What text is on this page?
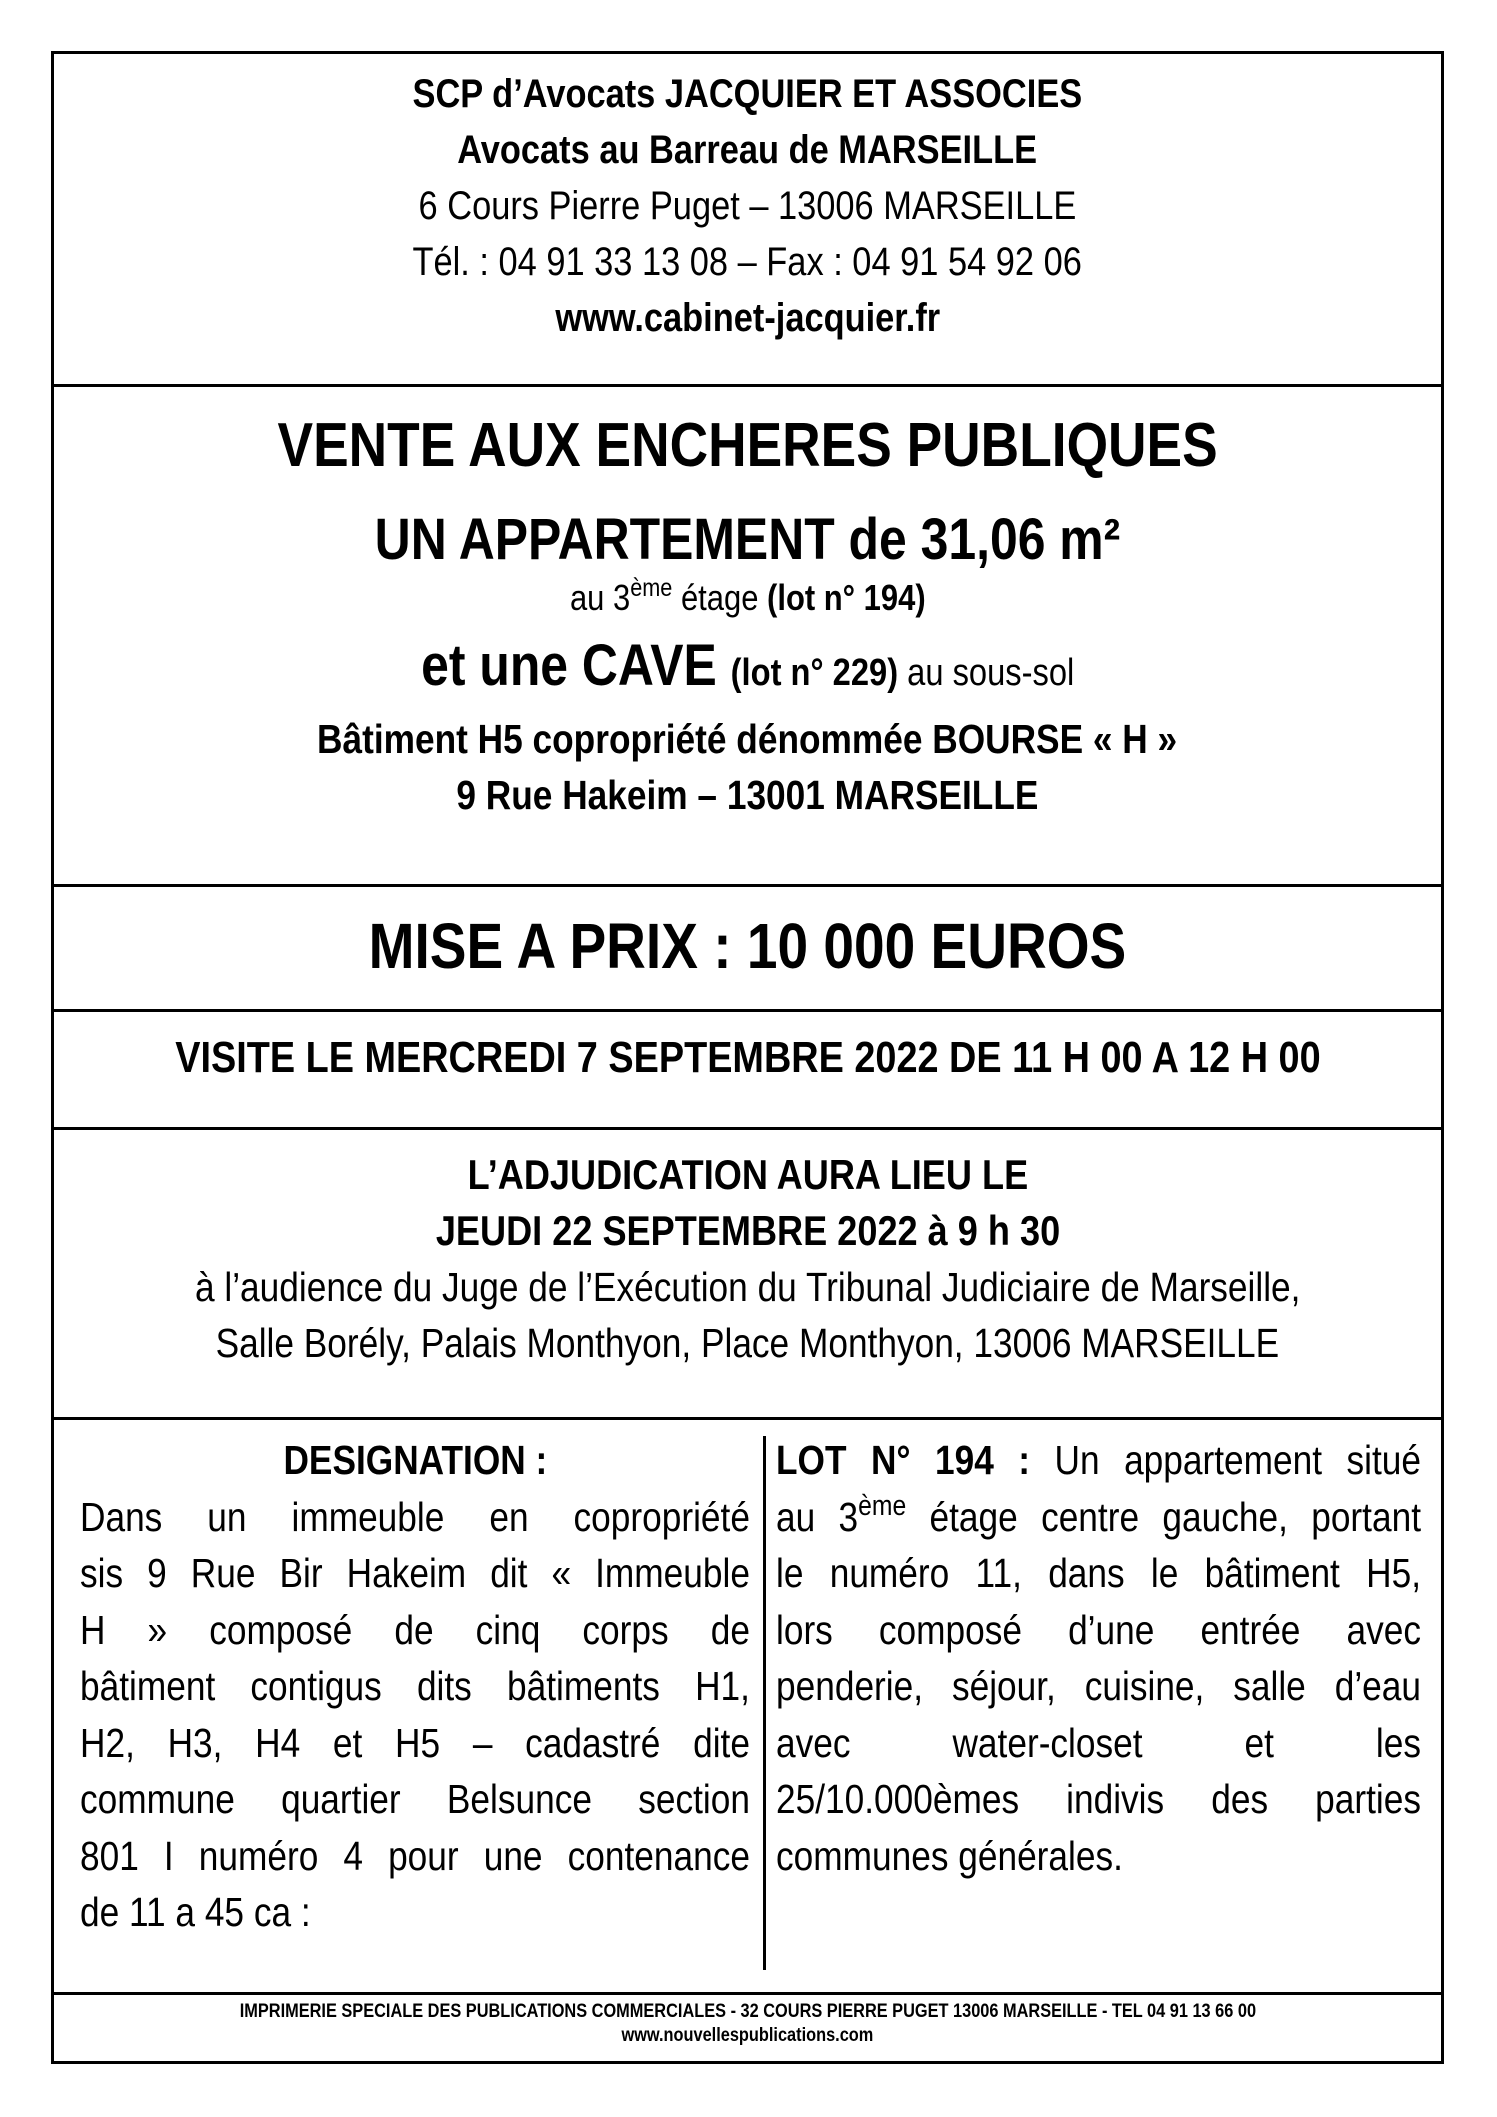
SCP d’Avocats JACQUIER ET ASSOCIES
Avocats au Barreau de MARSEILLE
6 Cours Pierre Puget – 13006 MARSEILLE
Tél. : 04 91 33 13 08 – Fax : 04 91 54 92 06
www.cabinet-jacquier.fr
VENTE AUX ENCHERES PUBLIQUES
UN APPARTEMENT de 31,06 m²
au 3ème étage (lot n° 194)
et une CAVE (lot n° 229) au sous-sol
Bâtiment H5 copropriété dénommée BOURSE « H »
9 Rue Hakeim – 13001 MARSEILLE
MISE A PRIX : 10 000 EUROS
VISITE LE MERCREDI 7 SEPTEMBRE 2022 DE 11 H 00 A 12 H 00
L’ADJUDICATION AURA LIEU LE
JEUDI 22 SEPTEMBRE 2022 à 9 h 30
à l’audience du Juge de l’Exécution du Tribunal Judiciaire de Marseille,
Salle Borély, Palais Monthyon, Place Monthyon, 13006 MARSEILLE
DESIGNATION :
Dans un immeuble en copropriété
sis 9 Rue Bir Hakeim dit « Immeuble
H » composé de cinq corps de
bâtiment contigus dits bâtiments H1,
H2, H3, H4 et H5 – cadastré dite
commune quartier Belsunce section
801 I numéro 4 pour une contenance
de 11 a 45 ca :
LOT N° 194 : Un appartement situé
au 3ème étage centre gauche, portant
le numéro 11, dans le bâtiment H5,
lors composé d’une entrée avec
penderie, séjour, cuisine, salle d’eau
avec water-closet et les
25/10.000èmes indivis des parties
communes générales.
IMPRIMERIE SPECIALE DES PUBLICATIONS COMMERCIALES - 32 COURS PIERRE PUGET 13006 MARSEILLE - TEL 04 91 13 66 00
www.nouvellespublications.com
